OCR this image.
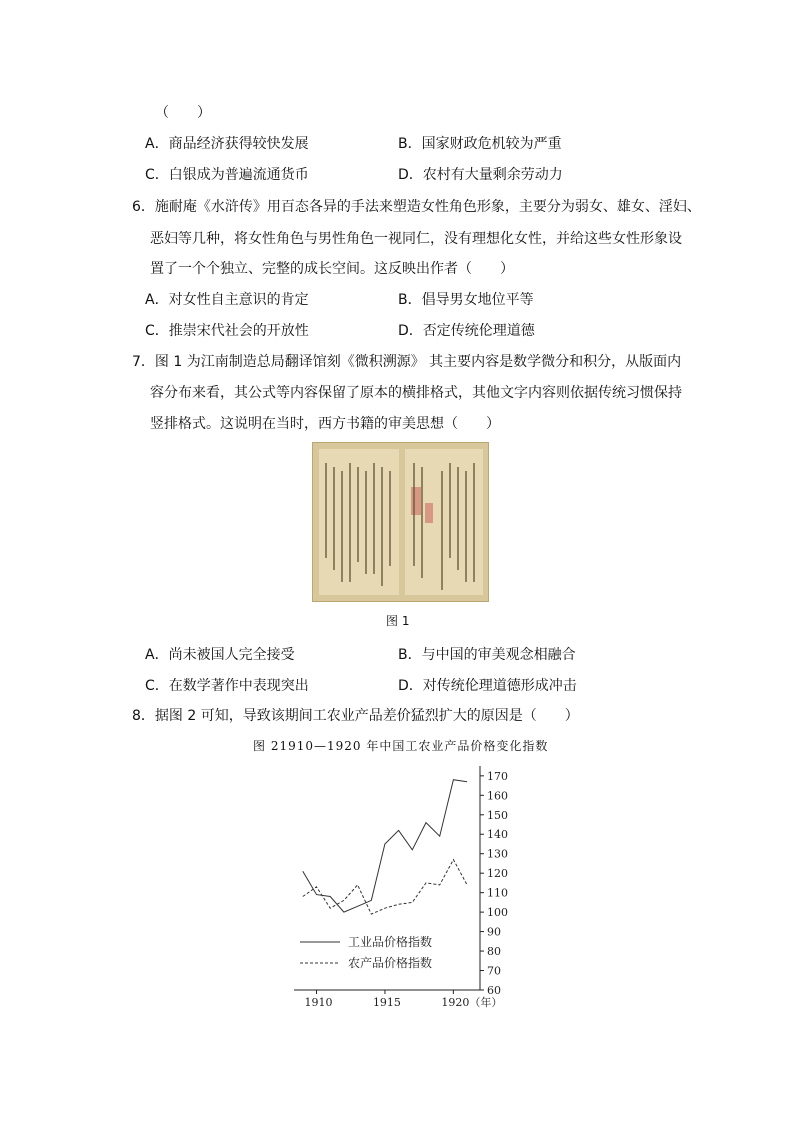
（　　）
A．商品经济获得较快发展	B．国家财政危机较为严重
C．白银成为普遍流通货币	D．农村有大量剩余劳动力
6．施耐庵《水浒传》用百态各异的手法来塑造女性角色形象，主要分为弱女、雄女、淫妇、
恶妇等几种，将女性角色与男性角色一视同仁，没有理想化女性，并给这些女性形象设
置了一个个独立、完整的成长空间。这反映出作者（　　）
A．对女性自主意识的肯定	B．倡导男女地位平等
C．推崇宋代社会的开放性	D．否定传统伦理道德
7．图 1 为江南制造总局翻译馆刻《微积溯源》 其主要内容是数学微分和积分，从版面内
容分布来看，其公式等内容保留了原本的横排格式，其他文字内容则依据传统习惯保持
竖排格式。这说明在当时，西方书籍的审美思想（　　）
图 1
A．尚未被国人完全接受	B．与中国的审美观念相融合
C．在数学著作中表现突出	D．对传统伦理道德形成冲击
8．据图 2 可知，导致该期间工农业产品差价猛烈扩大的原因是（　　）
图 21910—1920 年中国工农业产品价格变化指数
60
70
80
90
100
110
120
130
140
150
160
170
1910	1915	1920（年）
工业品价格指数
农产品价格指数
